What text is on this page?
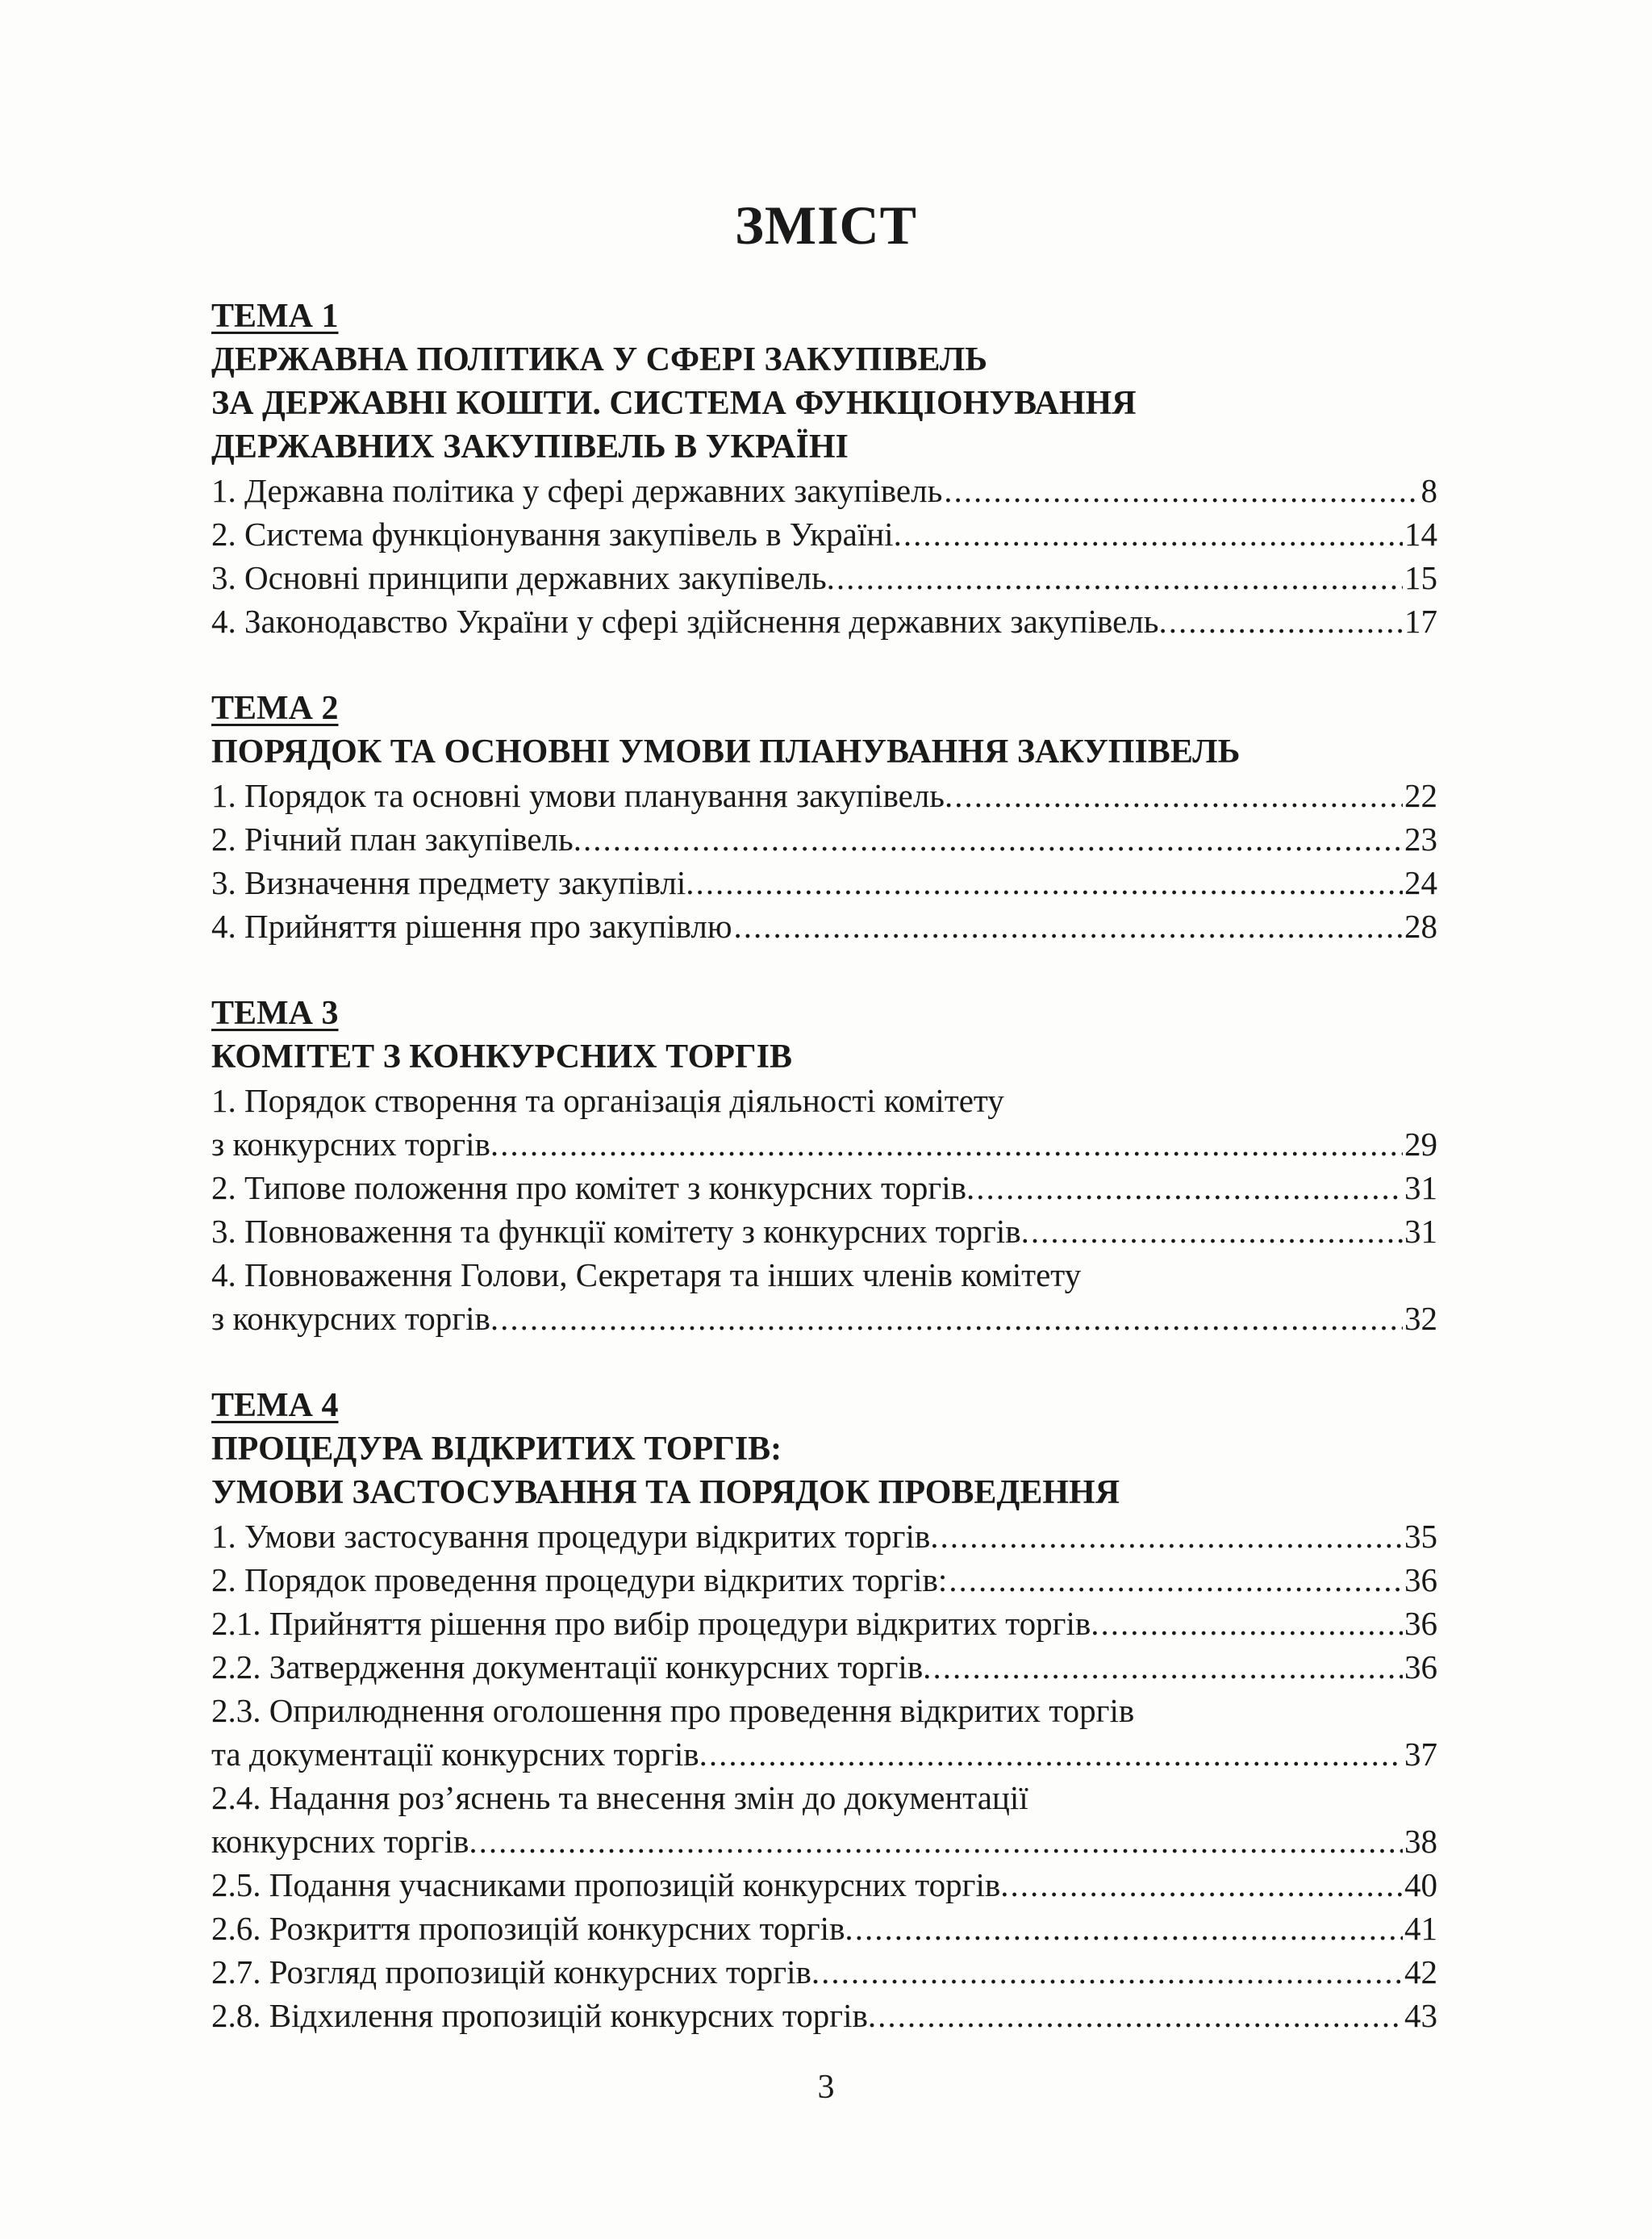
ЗМІСТ
ТЕМА 1
ДЕРЖАВНА ПОЛІТИКА У СФЕРІ ЗАКУПІВЕЛЬ
ЗА ДЕРЖАВНІ КОШТИ. СИСТЕМА ФУНКЦІОНУВАННЯ
ДЕРЖАВНИХ ЗАКУПІВЕЛЬ В УКРАЇНІ
1. Державна політика у сфері державних закупівель .....	8
2. Система функціонування закупівель в Україні. .....	14
3. Основні принципи державних закупівель. .....	15
4. Законодавство України у сфері здійснення державних закупівель. .....	17
ТЕМА 2
ПОРЯДОК ТА ОСНОВНІ УМОВИ ПЛАНУВАННЯ ЗАКУПІВЕЛЬ
1. Порядок та основні умови планування закупівель. .....	22
2. Річний план закупівель. .....	23
3. Визначення предмету закупівлі. .....	24
4. Прийняття рішення про закупівлю .....	28
ТЕМА 3
КОМІТЕТ З КОНКУРСНИХ ТОРГІВ
1. Порядок створення та організація діяльності комітету
з конкурсних торгів. .....	29
2. Типове положення про комітет з конкурсних торгів. .....	31
3. Повноваження та функції комітету з конкурсних торгів. .....	31
4. Повноваження Голови, Секретаря та інших членів комітету
з конкурсних торгів. .....	32
ТЕМА 4
ПРОЦЕДУРА ВІДКРИТИХ ТОРГІВ:
УМОВИ ЗАСТОСУВАННЯ ТА ПОРЯДОК ПРОВЕДЕННЯ
1. Умови застосування процедури відкритих торгів. .....	35
2. Порядок проведення процедури відкритих торгів: .....	36
2.1. Прийняття рішення про вибір процедури відкритих торгів. .....	36
2.2. Затвердження документації конкурсних торгів. .....	36
2.3. Оприлюднення оголошення про проведення відкритих торгів
та документації конкурсних торгів. .....	37
2.4. Надання роз’яснень та внесення змін до документації
конкурсних торгів. .....	38
2.5. Подання учасниками пропозицій конкурсних торгів. .....	40
2.6. Розкриття пропозицій конкурсних торгів. .....	41
2.7. Розгляд пропозицій конкурсних торгів. .....	42
2.8. Відхилення пропозицій конкурсних торгів. .....	43
3
